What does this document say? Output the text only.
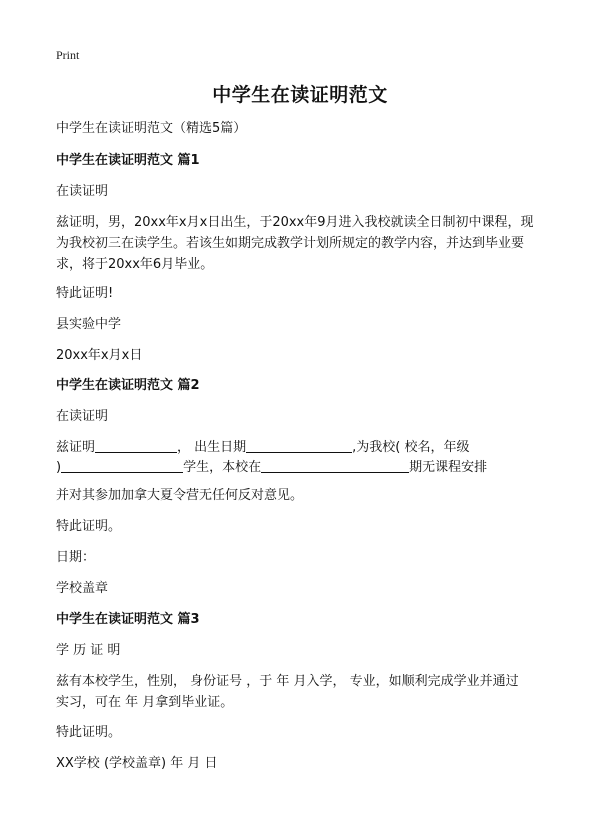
Print
中学生在读证明范文
中学生在读证明范文（精选5篇）
中学生在读证明范文 篇1
在读证明
兹证明，男，20xx年x月x日出生，于20xx年9月进入我校就读全日制初中课程，现
为我校初三在读学生。若该生如期完成教学计划所规定的教学内容，并达到毕业要
求，将于20xx年6月毕业。
特此证明!
县实验中学
20xx年x月x日
中学生在读证明范文 篇2
在读证明
兹证明	， 出生日期	,为我校( 校名，年级
)	学生，本校在	期无课程安排
并对其参加加拿大夏令营无任何反对意见。
特此证明。
日期：
学校盖章
中学生在读证明范文 篇3
学 历 证 明
兹有本校学生，性别， 身份证号 ，于 年 月入学， 专业，如顺利完成学业并通过
实习，可在 年 月拿到毕业证。
特此证明。
XX学校 (学校盖章) 年 月 日
